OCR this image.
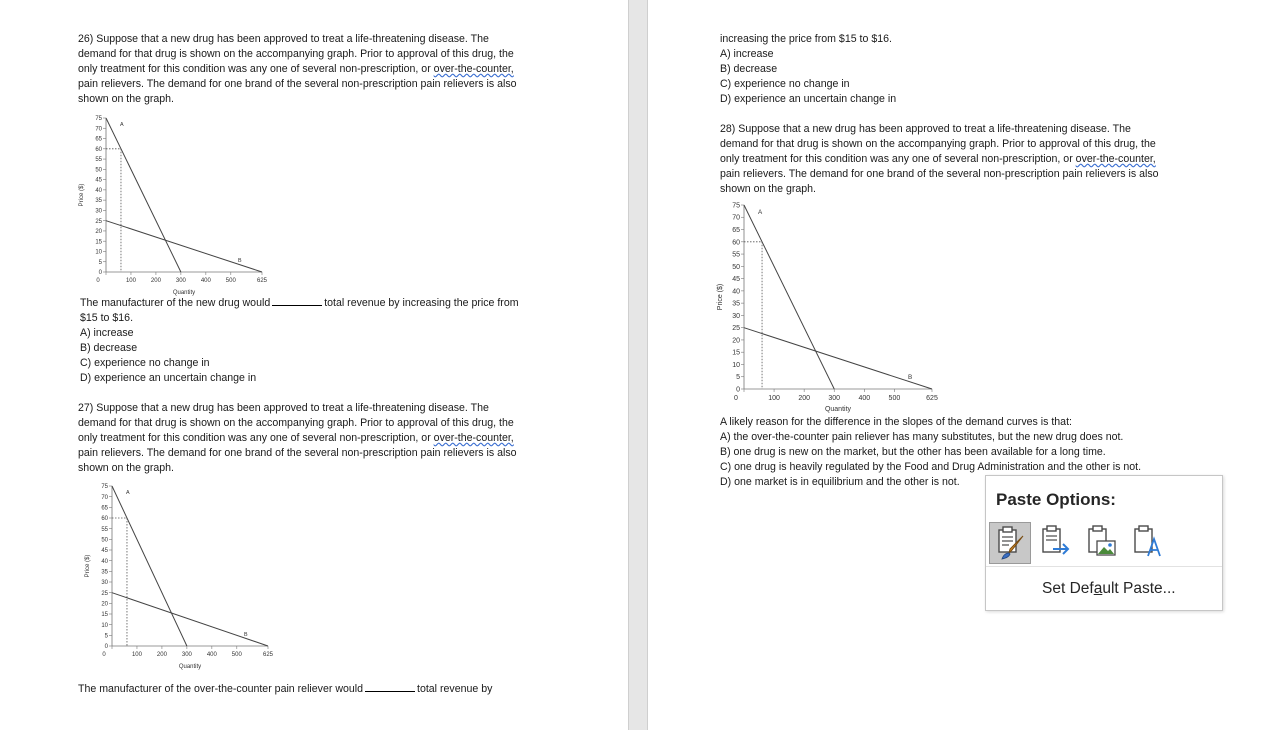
26) Suppose that a new drug has been approved to treat a life-threatening disease. The
demand for that drug is shown on the accompanying graph. Prior to approval of this drug, the
only treatment for this condition was any one of several non-prescription, or over-the-counter,
pain relievers. The demand for one brand of the several non-prescription pain relievers is also
shown on the graph.
0
5
10
15
20
25
30
35
40
45
50
55
60
65
70
75
0	100 200 300 400 500	625
Quantity
Price ($)
A
B
The manufacturer of the new drug would	total revenue by increasing the price from
$15 to $16.
A) increase
B) decrease
C) experience no change in
D) experience an uncertain change in
27) Suppose that a new drug has been approved to treat a life-threatening disease. The
demand for that drug is shown on the accompanying graph. Prior to approval of this drug, the
only treatment for this condition was any one of several non-prescription, or over-the-counter,
pain relievers. The demand for one brand of the several non-prescription pain relievers is also
shown on the graph.
0
5
10
15
20
25
30
35
40
45
50
55
60
65
70
75
0	100 200 300 400 500	625
Quantity
Price ($)
A
B
The manufacturer of the over-the-counter pain reliever would	total revenue by
increasing the price from $15 to $16.
A) increase
B) decrease
C) experience no change in
D) experience an uncertain change in
28) Suppose that a new drug has been approved to treat a life-threatening disease. The
demand for that drug is shown on the accompanying graph. Prior to approval of this drug, the
only treatment for this condition was any one of several non-prescription, or over-the-counter,
pain relievers. The demand for one brand of the several non-prescription pain relievers is also
shown on the graph.
0
5
10
15
20
25
30
35
40
45
50
55
60
65
70
75
0	100	200	300	400	500	625
Quantity
Price ($)
A
B
A likely reason for the difference in the slopes of the demand curves is that:
A) the over-the-counter pain reliever has many substitutes, but the new drug does not.
B) one drug is new on the market, but the other has been available for a long time.
C) one drug is heavily regulated by the Food and Drug Administration and the other is not.
D) one market is in equilibrium and the other is not.
Paste Options:
Set Default Paste...
